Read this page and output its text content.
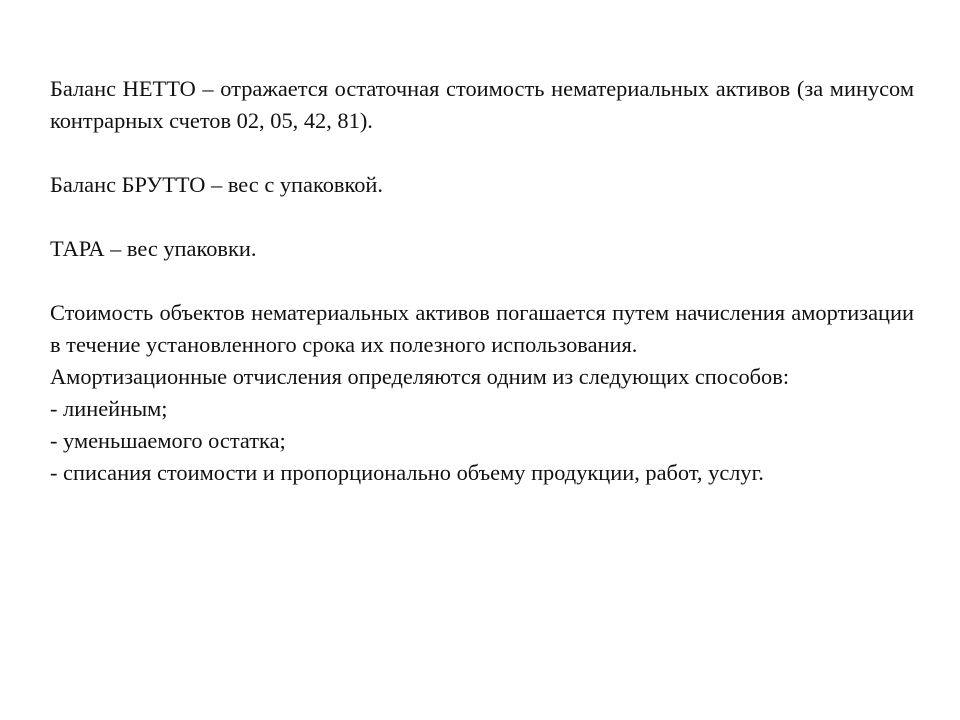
Баланс НЕТТО – отражается остаточная стоимость нематериальных активов (за минусом контрарных счетов 02, 05, 42, 81).

Баланс БРУТТО – вес с упаковкой.

ТАРА – вес упаковки.

Стоимость объектов нематериальных активов погашается путем начисления амортизации в течение установленного срока их полезного использования.

Амортизационные отчисления определяются одним из следующих способов:

- линейным;

- уменьшаемого остатка;

- списания стоимости и пропорционально объему продукции, работ, услуг.
